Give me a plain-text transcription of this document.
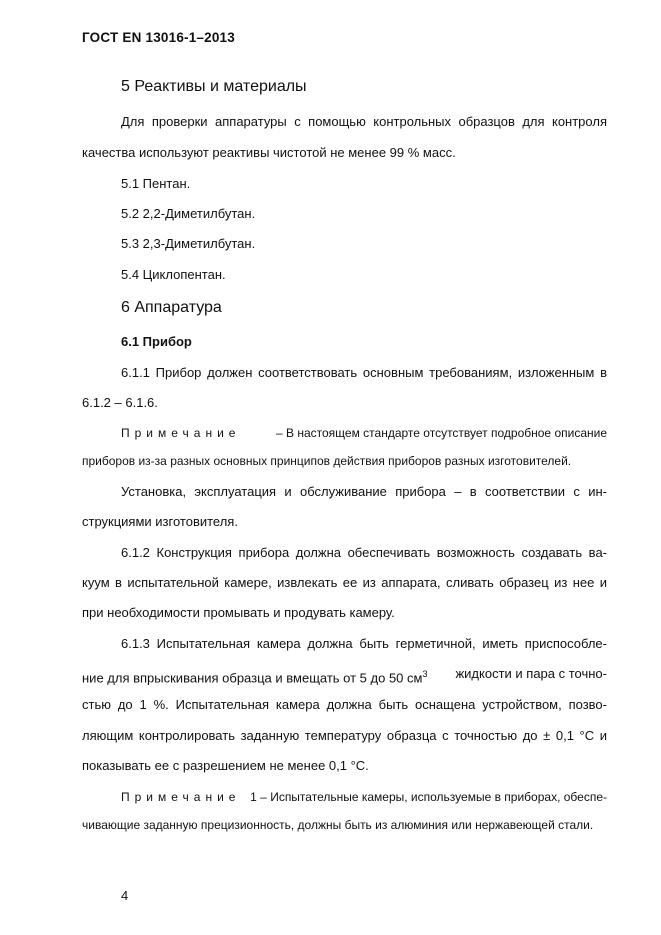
ГОСТ EN 13016-1–2013
5 Реактивы и материалы
Для проверки аппаратуры с помощью контрольных образцов для контроля
качества используют реактивы чистотой не менее 99 % масс.
5.1 Пентан.
5.2 2,2-Диметилбутан.
5.3 2,3-Диметилбутан.
5.4 Циклопентан.
6 Аппаратура
6.1 Прибор
6.1.1 Прибор должен соответствовать основным требованиям, изложенным в
6.1.2 – 6.1.6.
Примечание	– В настоящем стандарте отсутствует подробное описание
приборов из-за разных основных принципов действия приборов разных изготовителей.
Установка, эксплуатация и обслуживание прибора – в соответствии с ин-
струкциями изготовителя.
6.1.2 Конструкция прибора должна обеспечивать возможность создавать ва-
куум в испытательной камере, извлекать ее из аппарата, сливать образец из нее и
при необходимости промывать и продувать камеру.
6.1.3 Испытательная камера должна быть герметичной, иметь приспособле-
ние для впрыскивания образца и вмещать от 5 до 50 $см^3$ жидкости и пара с точно-
стью до 1 %. Испытательная камера должна быть оснащена устройством, позво-
ляющим контролировать заданную температуру образца с точностью до ± 0,1 °C и
показывать ее с разрешением не менее 0,1 °C.
Примечание 1 – Испытательные камеры, используемые в приборах, обеспе-
чивающие заданную прецизионность, должны быть из алюминия или нержавеющей стали.
4
